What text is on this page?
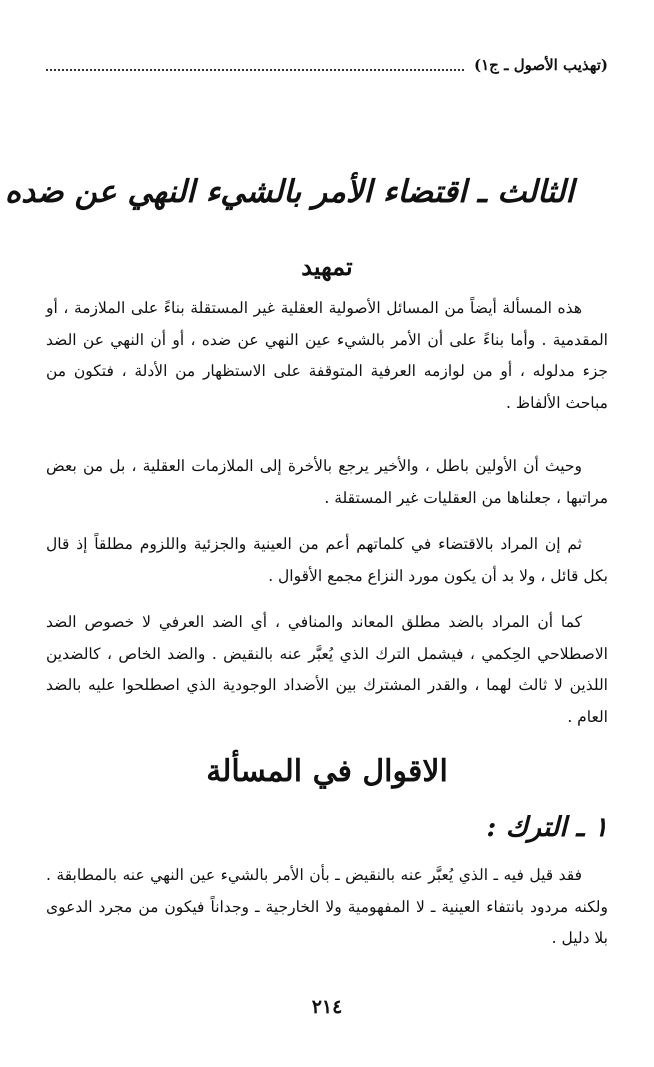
(تهذيب الأصول ـ ج١)
الثالث ـ اقتضاء الأمر بالشيء النهي عن ضده
تمهيد

هذه المسألة أيضاً من المسائل الأصولية العقلية غير المستقلة بناءً على الملازمة ، أو المقدمية . وأما بناءً على أن الأمر بالشيء عين النهي عن ضده ، أو أن النهي عن الضد جزء مدلوله ، أو من لوازمه العرفية المتوقفة على الاستظهار من الأدلة ، فتكون من مباحث الألفاظ .

وحيث أن الأولين باطل ، والأخير يرجع بالأخرة إلى الملازمات العقلية ، بل من بعض مراتبها ، جعلناها من العقليات غير المستقلة .

ثم إن المراد بالاقتضاء في كلماتهم أعم من العينية والجزئية واللزوم مطلقاً إذ قال بكل قائل ، ولا بد أن يكون مورد النزاع مجمع الأقوال .

كما أن المراد بالضد مطلق المعاند والمنافي ، أي الضد العرفي لا خصوص الضد الاصطلاحي الحِكمي ، فيشمل الترك الذي يُعبَّر عنه بالنقيض . والضد الخاص ، كالضدين اللذين لا ثالث لهما ، والقدر المشترك بين الأضداد الوجودية الذي اصطلحوا عليه بالضد العام .

الاقوال في المسألة
١ ـ الترك :

فقد قيل فيه ـ الذي يُعبَّر عنه بالنقيض ـ بأن الأمر بالشيء عين النهي عنه بالمطابقة . ولكنه مردود بانتفاء العينية ـ لا المفهومية ولا الخارجية ـ وجداناً فيكون من مجرد الدعوى بلا دليل .

٢١٤
